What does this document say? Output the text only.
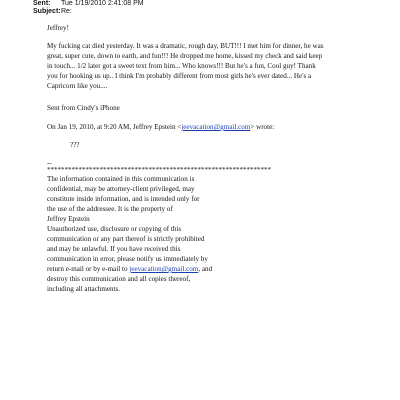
Sent: Tue 1/19/2010 2:41:08 PM
Subject:Re:
Jeffrey!
My fucking cat died yesterday. It was a dramatic, rough day, BUT!!! I met him for dinner, he was
great, super cute, down to earth, and fun!!! He dropped me home, kissed my check and said keep
in touch... 1/2 later got a sweet text from him... Who knows!!! But he's a fun, Cool guy! Thank
you for hooking us up.. I think I'm probably different from most girls he's ever dated... He's a
Capricorn like you....
Sent from Cindy's iPhone
On Jan 19, 2010, at 9:20 AM, Jeffrey Epstein <jeevacation@gmail.com> wrote:
???
--
****************************************************************
The information contained in this communication is
confidential, may be attorney-client privileged, may
constitute inside information, and is intended only for
the use of the addressee. It is the property of
Jeffrey Epstein
Unauthorized use, disclosure or copying of this
communication or any part thereof is strictly prohibited
and may be unlawful. If you have received this
communication in error, please notify us immediately by
return e-mail or by e-mail to jeevacation@gmail.com, and
destroy this communication and all copies thereof,
including all attachments.
